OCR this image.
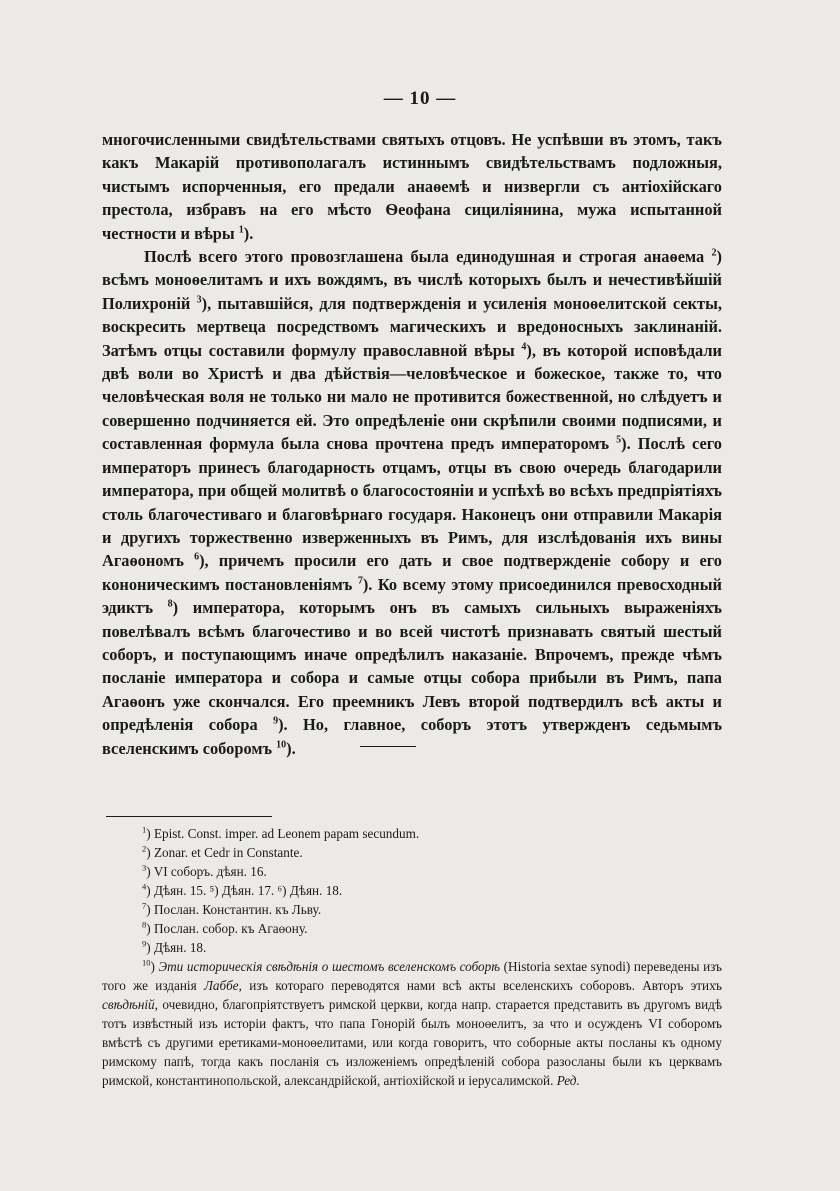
— 10 —

многочисленными свидѣтельствами святыхъ отцовъ. Не успѣвши въ этомъ, такъ какъ Макарій противополагалъ истиннымъ свидѣтельствамъ подложныя, чистымъ испорченныя, его предали анаѳемѣ и низвергли съ антіохійскаго престола, избравъ на его мѣсто Ѳеофана сициліянина, мужа испытанной честности и вѣры $^1$).

Послѣ всего этого провозглашена была единодушная и строгая анаѳема $^2$) всѣмъ моноѳелитамъ и ихъ вождямъ, въ числѣ которыхъ былъ и нечестивѣйшій Полихроній $^3$), пытавшійся, для подтвержденія и усиленія моноѳелитской секты, воскресить мертвеца посредствомъ магическихъ и вредоносныхъ заклинаній. Затѣмъ отцы составили формулу православной вѣры $^4$), въ которой исповѣдали двѣ воли во Христѣ и два дѣйствія—человѣческое и божеское, также то, что человѣческая воля не только ни мало не противится божественной, но слѣдуетъ и совершенно подчиняется ей. Это опредѣленіе они скрѣпили своими подписями, и составленная формула была снова прочтена предъ императоромъ $^5$). Послѣ сего императоръ принесъ благодарность отцамъ, отцы въ свою очередь благодарили императора, при общей молитвѣ о благосостояніи и успѣхѣ во всѣхъ предпріятіяхъ столь благочестиваго и благовѣрнаго государя. Наконецъ они отправили Макарія и другихъ торжественно изверженныхъ въ Римъ, для изслѣдованія ихъ вины Агаѳономъ $^6$), причемъ просили его дать и свое подтвержденіе собору и его кононическимъ постановленіямъ $^7$). Ко всему этому присоединился превосходный эдиктъ $^8$) императора, которымъ онъ въ самыхъ сильныхъ выраженіяхъ повелѣвалъ всѣмъ благочестиво и во всей чистотѣ признавать святый шестый соборъ, и поступающимъ иначе опредѣлилъ наказаніе. Впрочемъ, прежде чѣмъ посланіе императора и собора и самые отцы собора прибыли въ Римъ, папа Агаѳонъ уже скончался. Его преемникъ Левъ второй подтвердилъ всѣ акты и опредѣленія собора $^9$). Но, главное, соборъ этотъ утвержденъ седьмымъ вселенскимъ соборомъ $^{10}$).

$^1$) Epist. Const. imper. ad Leonem papam secundum.

$^2$) Zonar. et Cedr in Constante.

$^3$) VI соборъ. дѣян. 16.

$^4$) Дѣян. 15. ⁵) Дѣян. 17. ⁶) Дѣян. 18.

$^7$) Послан. Константин. къ Льву.

$^8$) Послан. собор. къ Агаѳону.

$^9$) Дѣян. 18.

$^{10}$) Эти историческія свѣдѣнія о шестомъ вселенскомъ соборѣ (Historia sextae synodi) переведены изъ того же изданія Лаббе, изъ котораго переводятся нами всѣ акты вселенскихъ соборовъ. Авторъ этихъ свѣдѣній, очевидно, благопріятствуетъ римской церкви, когда напр. старается представить въ другомъ видѣ тотъ извѣстный изъ исторіи фактъ, что папа Гонорій былъ моноѳелитъ, за что и осужденъ VI соборомъ вмѣстѣ съ другими еретиками-моноѳелитами, или когда говоритъ, что соборные акты посланы къ одному римскому папѣ, тогда какъ посланія съ изложеніемъ опредѣленій собора разосланы были къ церквамъ римской, константинопольской, александрійской, антіохійской и іерусалимской. Ред.
